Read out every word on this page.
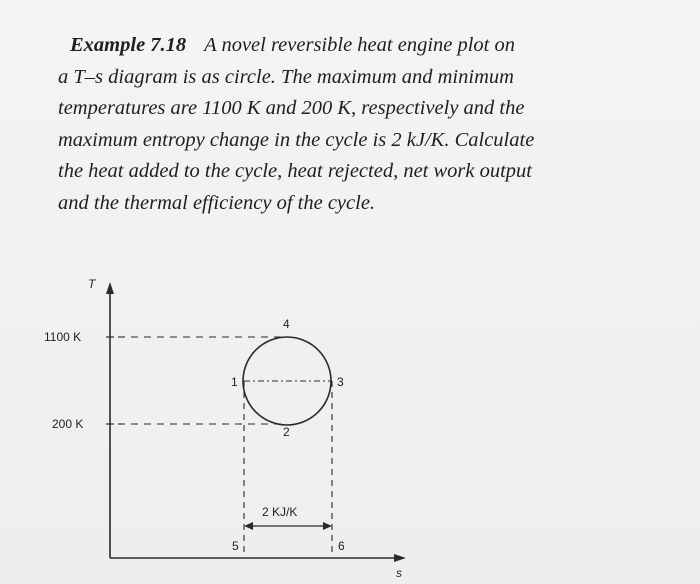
Example 7.18 A novel reversible heat engine plot on
a T–s diagram is as circle. The maximum and minimum
temperatures are 1100 K and 200 K, respectively and the
maximum entropy change in the cycle is 2 kJ/K. Calculate
the heat added to the cycle, heat rejected, net work output
and the thermal efficiency of the cycle.
T
s
1100 K
200 K
1
2
3
4
5	6
2 KJ/K
